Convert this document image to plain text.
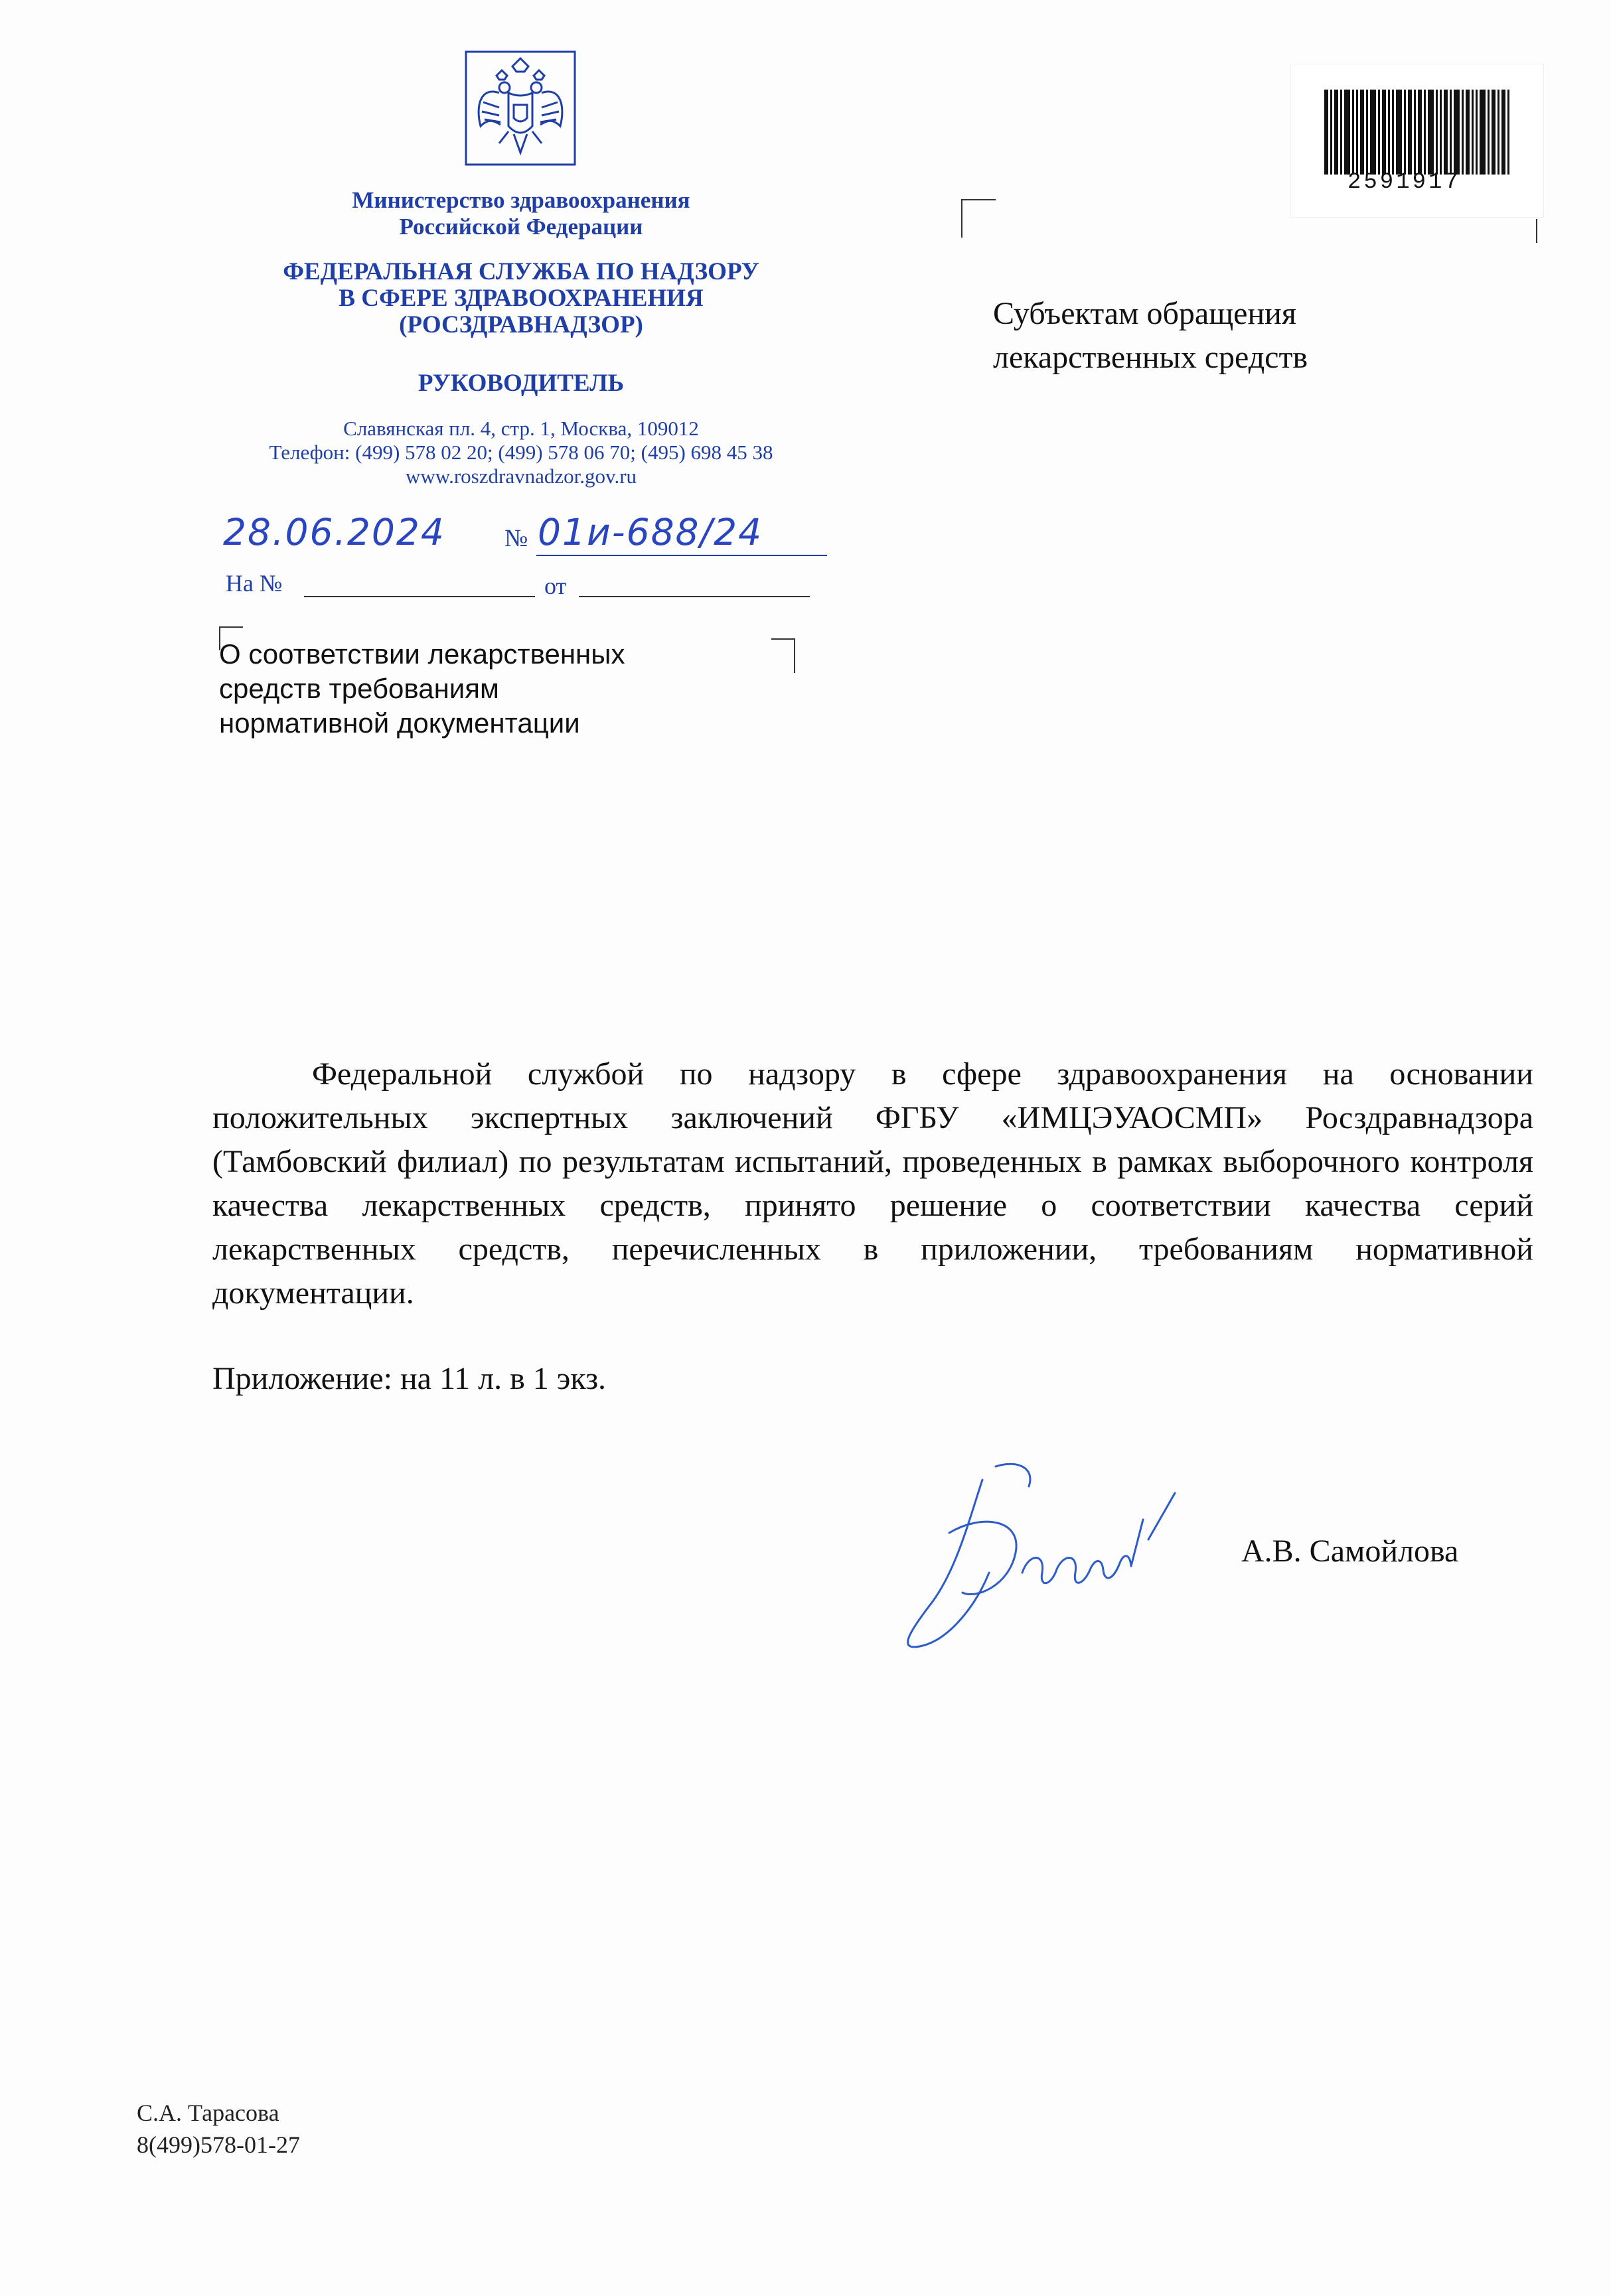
Министерство здравоохранения
Российской Федерации
ФЕДЕРАЛЬНАЯ СЛУЖБА ПО НАДЗОРУ
В СФЕРЕ ЗДРАВООХРАНЕНИЯ
(РОСЗДРАВНАДЗОР)
РУКОВОДИТЕЛЬ
Славянская пл. 4, стр. 1, Москва, 109012
Телефон: (499) 578 02 20; (499) 578 06 70; (495) 698 45 38
www.roszdravnadzor.gov.ru
28.06.2024 № 01и-688/24
На №	от
О соответствии лекарственных
средств требованиям
нормативной документации
Субъектам обращения
лекарственных средств
2591917
Федеральной службой по надзору в сфере здравоохранения на основании положительных экспертных заключений ФГБУ «ИМЦЭУАОСМП» Росздравнадзора (Тамбовский филиал) по результатам испытаний, проведенных в рамках выборочного контроля качества лекарственных средств, принято решение о соответствии качества серий лекарственных средств, перечисленных в приложении, требованиям нормативной документации.
Приложение: на 11 л. в 1 экз.
А.В. Самойлова
С.А. Тарасова
8(499)578-01-27
